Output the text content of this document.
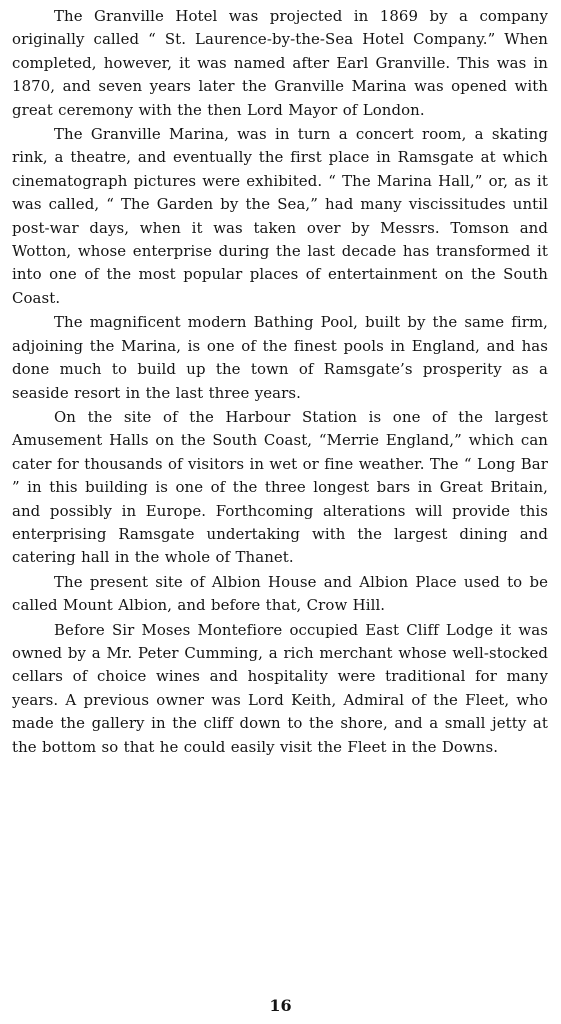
The Granville Hotel was projected in 1869 by a company originally called “ St. Laurence-by-the-Sea Hotel Company.” When completed, however, it was named after Earl Granville. This was in 1870, and seven years later the Granville Marina was opened with great ceremony with the then Lord Mayor of London.

The Granville Marina, was in turn a concert room, a skating rink, a theatre, and eventually the first place in Ramsgate at which cinematograph pictures were exhibited. “ The Marina Hall,” or, as it was called, “ The Garden by the Sea,” had many viscissitudes until post-war days, when it was taken over by Messrs. Tomson and Wotton, whose enterprise during the last decade has transformed it into one of the most popular places of entertainment on the South Coast.

The magnificent modern Bathing Pool, built by the same firm, adjoining the Marina, is one of the finest pools in England, and has done much to build up the town of Ramsgate’s prosperity as a seaside resort in the last three years.

On the site of the Harbour Station is one of the largest Amusement Halls on the South Coast, “Merrie England,” which can cater for thousands of visitors in wet or fine weather. The “ Long Bar ” in this building is one of the three longest bars in Great Britain, and possibly in Europe. Forthcoming alterations will provide this enterprising Ramsgate undertaking with the largest dining and catering hall in the whole of Thanet.

The present site of Albion House and Albion Place used to be called Mount Albion, and before that, Crow Hill.

Before Sir Moses Montefiore occupied East Cliff Lodge it was owned by a Mr. Peter Cumming, a rich merchant whose well-stocked cellars of choice wines and hospitality were traditional for many years. A previous owner was Lord Keith, Admiral of the Fleet, who made the gallery in the cliff down to the shore, and a small jetty at the bottom so that he could easily visit the Fleet in the Downs.

16
